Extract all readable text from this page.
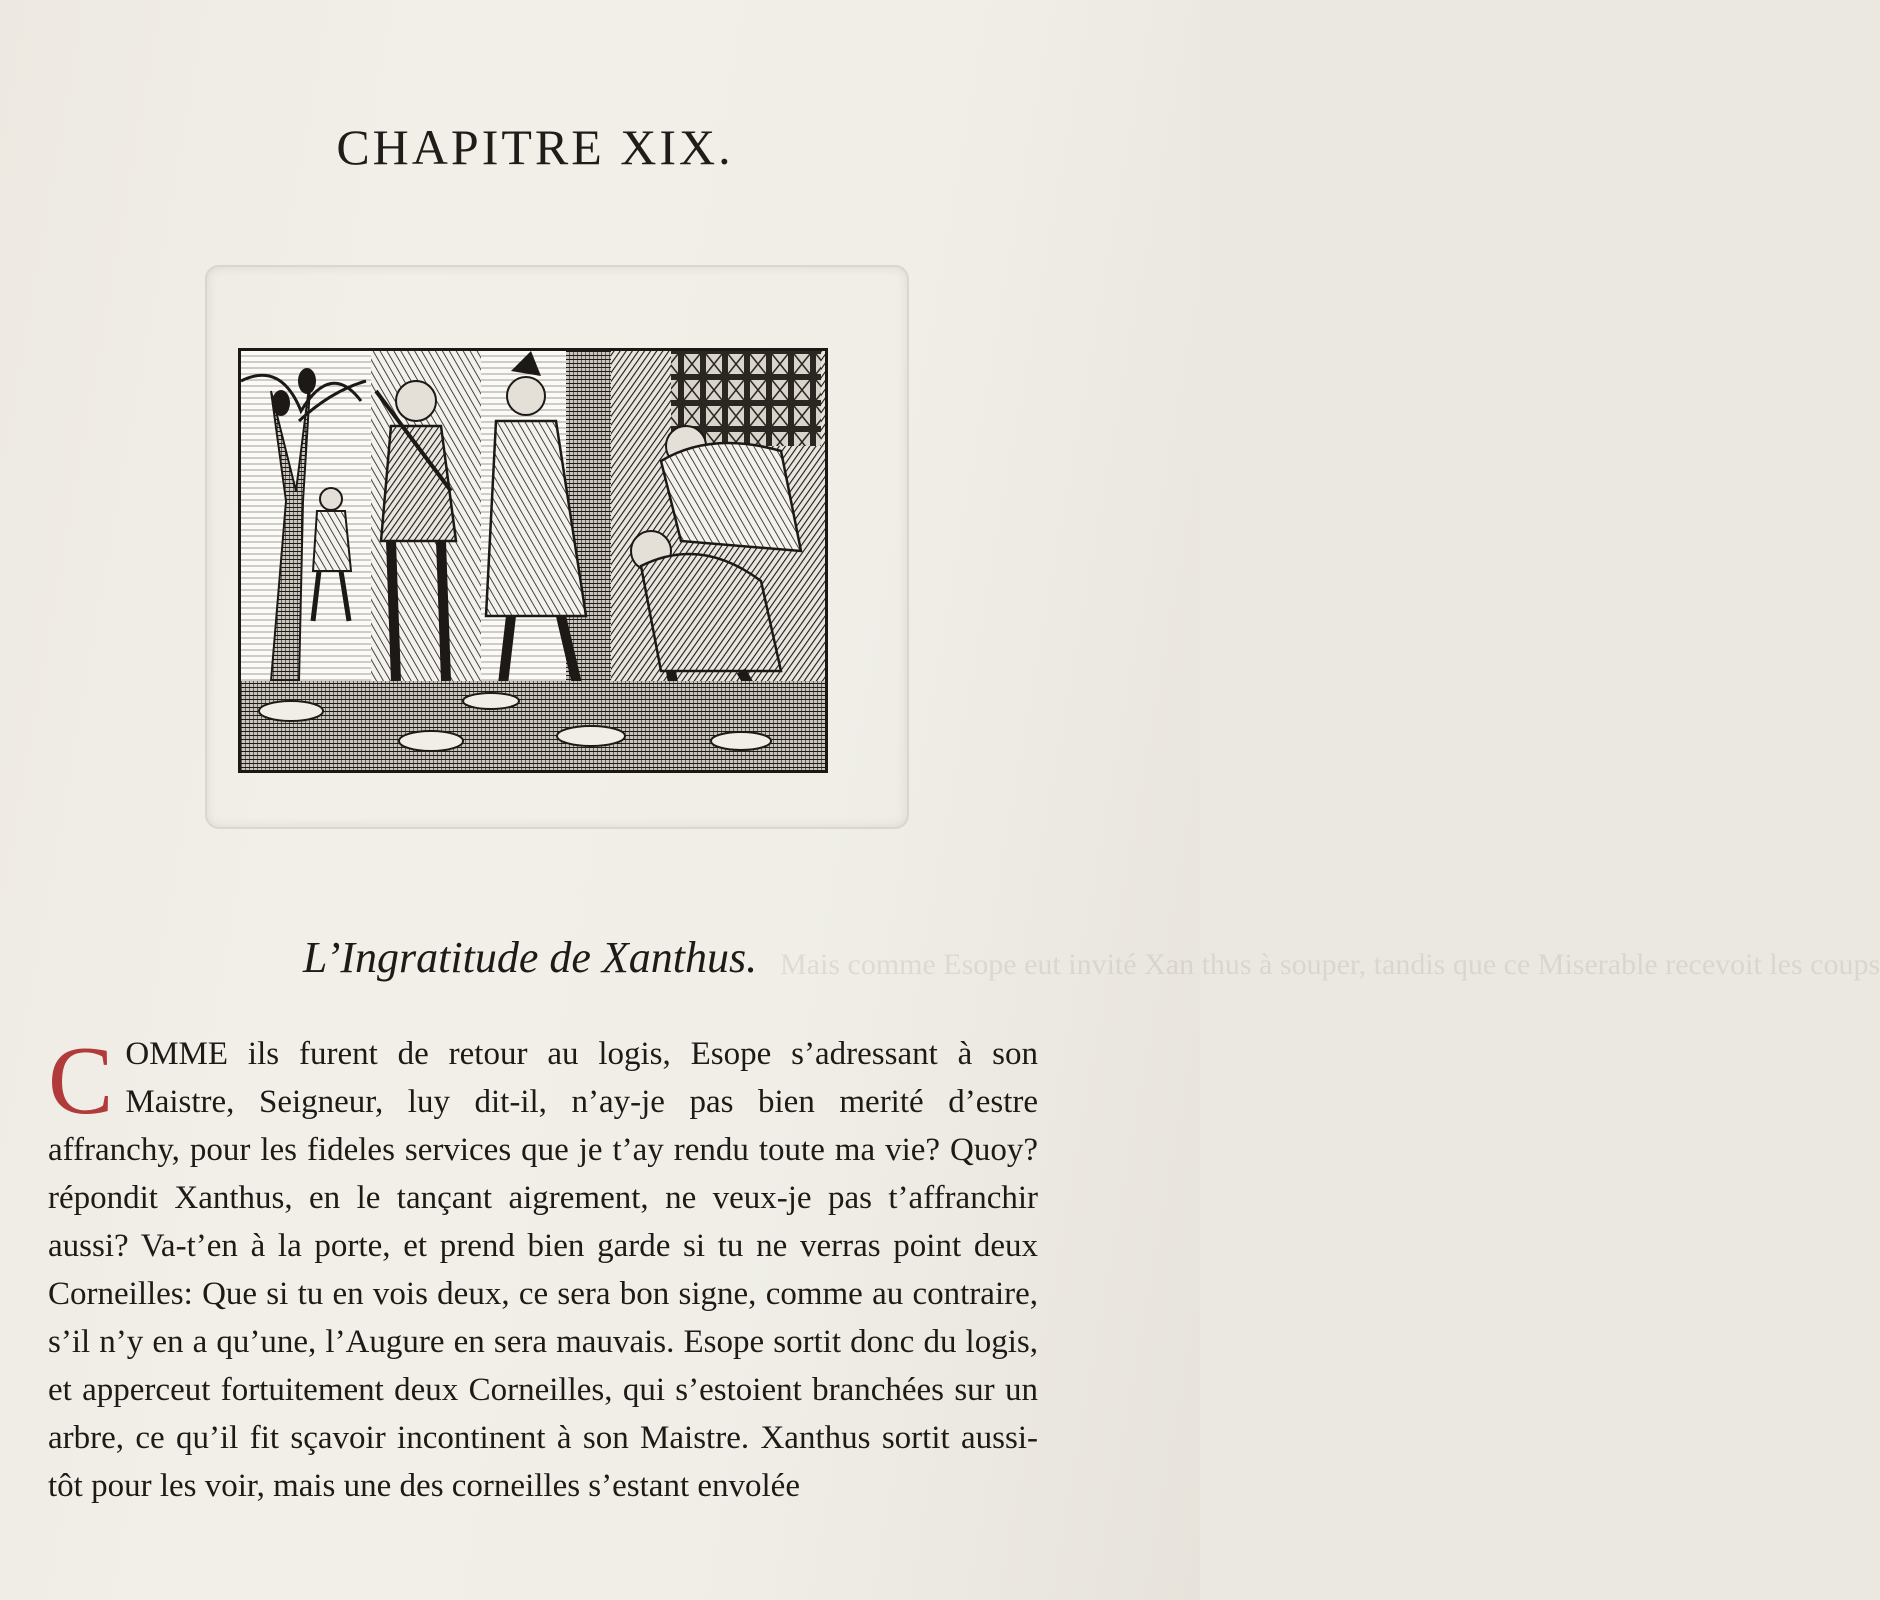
Mais comme Esope eut invité Xan thus à souper, tandis que ce Miserable recevoit les coups
CHAPITRE XIX.
L’Ingratitude de Xanthus.
C OMME ils furent de retour au logis, Esope s’adressant à son Maistre, Seigneur, luy dit-il, n’ay-je pas bien merité d’estre affranchy, pour les fideles services que je t’ay rendu toute ma vie? Quoy? répondit Xanthus, en le tançant aigrement, ne veux-je pas t’affranchir aussi? Va-t’en à la porte, et prend bien garde si tu ne verras point deux Corneilles: Que si tu en vois deux, ce sera bon signe, comme au contraire, s’il n’y en a qu’une, l’Augure en sera mauvais. Esope sortit donc du logis, et apperceut fortuitement deux Corneilles, qui s’estoient branchées sur un arbre, ce qu’il fit sçavoir incontinent à son Maistre. Xanthus sortit aussi-tôt pour les voir, mais une des corneilles s’estant envolée
